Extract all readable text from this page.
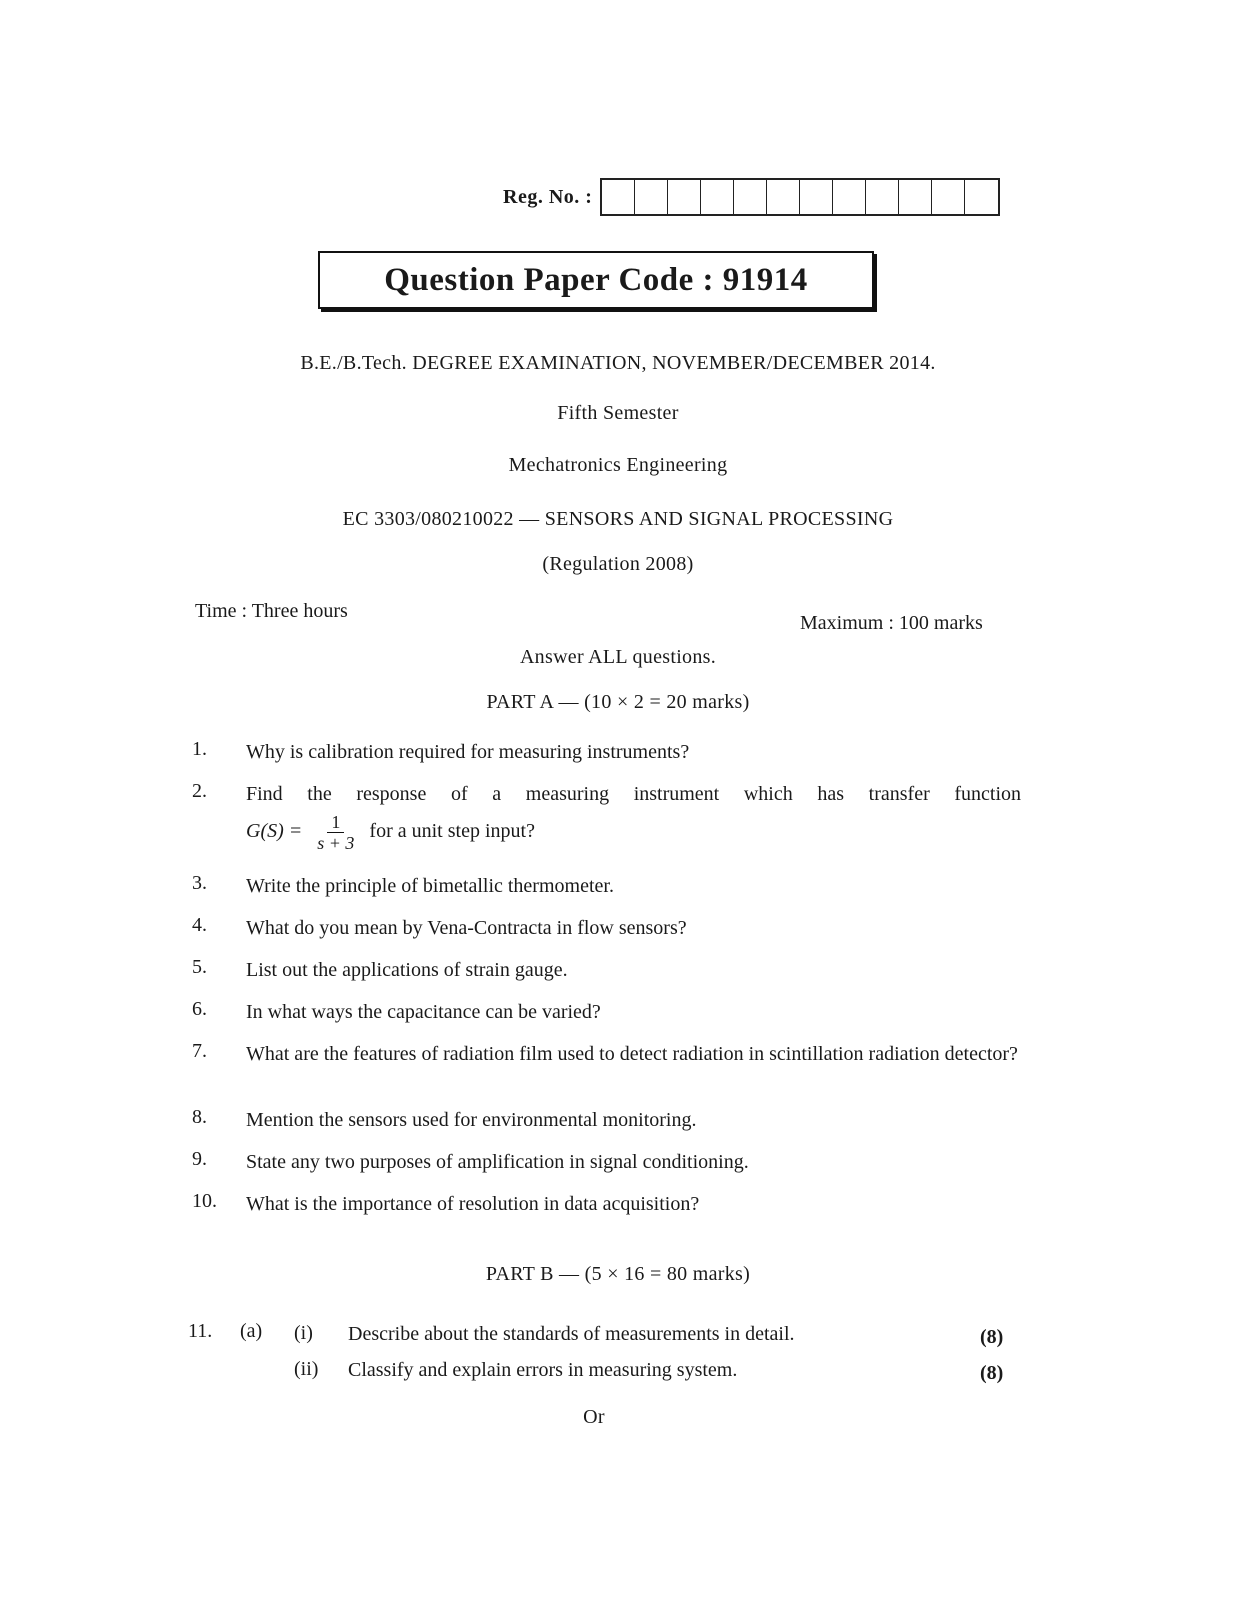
Reg. No. :
Question Paper Code : 91914
B.E./B.Tech. DEGREE EXAMINATION, NOVEMBER/DECEMBER 2014.
Fifth Semester
Mechatronics Engineering
EC 3303/080210022 — SENSORS AND SIGNAL PROCESSING
(Regulation 2008)
Time : Three hours
Maximum : 100 marks
Answer ALL questions.
PART A — (10 × 2 = 20 marks)
1.	Why is calibration required for measuring instruments?
2.	Find the response of a measuring instrument which has transfer function
$G(S) = \frac{1}{s + 3}$ for a unit step input?
3.	Write the principle of bimetallic thermometer.
4.	What do you mean by Vena-Contracta in flow sensors?
5.	List out the applications of strain gauge.
6.	In what ways the capacitance can be varied?
7.	What are the features of radiation film used to detect radiation in scintillation radiation detector?
8.	Mention the sensors used for environmental monitoring.
9.	State any two purposes of amplification in signal conditioning.
10.	What is the importance of resolution in data acquisition?
PART B — (5 × 16 = 80 marks)
11. (a) (i) Describe about the standards of measurements in detail.	(8)
(ii) Classify and explain errors in measuring system.	(8)
Or
